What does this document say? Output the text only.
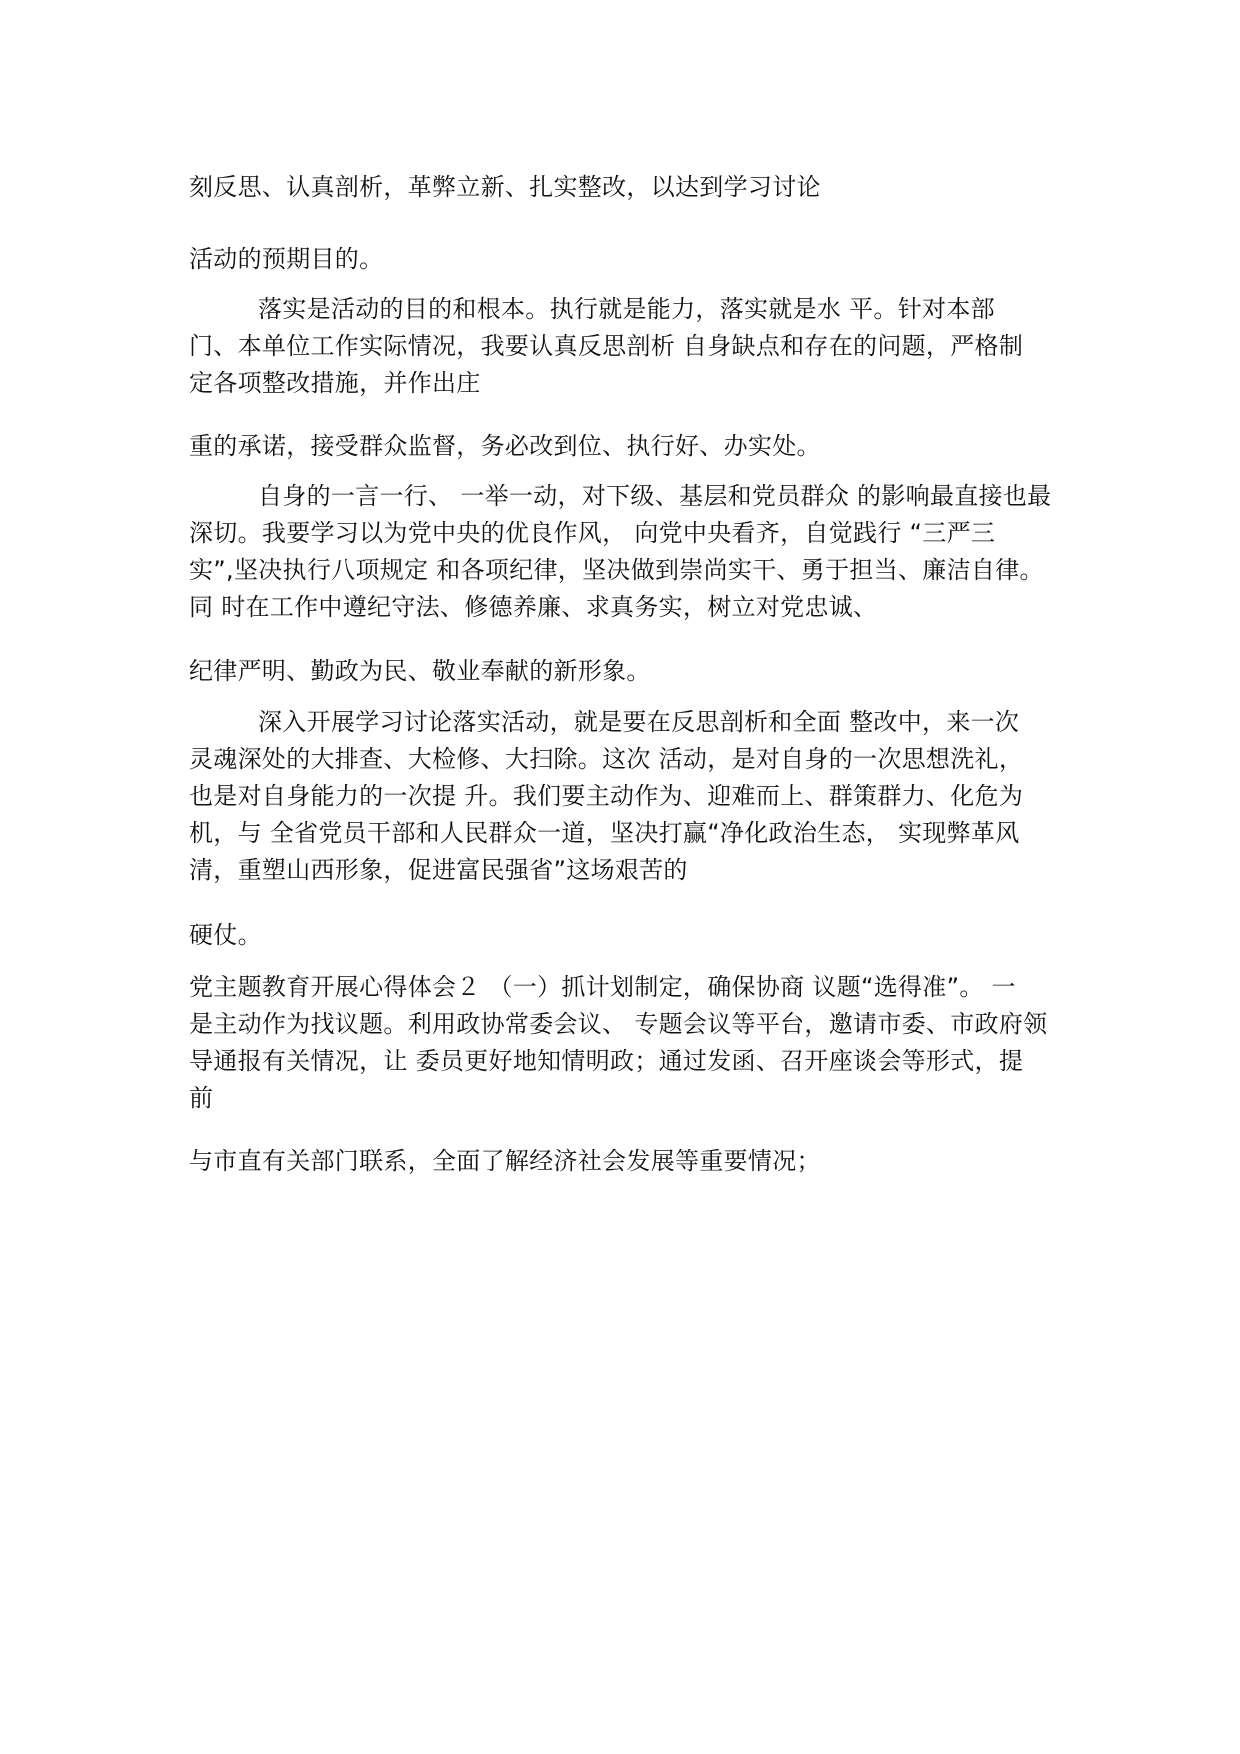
刻反思、认真剖析，革弊立新、扎实整改，以达到学习讨论
活动的预期目的。
落实是活动的目的和根本。执行就是能力，落实就是水 平。针对本部
门、本单位工作实际情况，我要认真反思剖析 自身缺点和存在的问题，严格制
定各项整改措施，并作出庄
重的承诺，接受群众监督，务必改到位、执行好、办实处。
自身的一言一行、 一举一动，对下级、基层和党员群众 的影响最直接也最
深切。我要学习以为党中央的优良作风， 向党中央看齐，自觉践行 “三严三
实”,坚决执行八项规定 和各项纪律，坚决做到崇尚实干、勇于担当、廉洁自律。
同 时在工作中遵纪守法、修德养廉、求真务实，树立对党忠诚、
纪律严明、勤政为民、敬业奉献的新形象。
深入开展学习讨论落实活动，就是要在反思剖析和全面 整改中，来一次
灵魂深处的大排查、大检修、大扫除。这次 活动，是对自身的一次思想洗礼，
也是对自身能力的一次提 升。我们要主动作为、迎难而上、群策群力、化危为
机，与 全省党员干部和人民群众一道，坚决打赢“净化政治生态， 实现弊革风
清，重塑山西形象，促进富民强省”这场艰苦的
硬仗。
党主题教育开展心得体会２ （一）抓计划制定，确保协商 议题“选得准”。 一
是主动作为找议题。利用政协常委会议、 专题会议等平台，邀请市委、市政府领
导通报有关情况，让 委员更好地知情明政；通过发函、召开座谈会等形式，提
前
与市直有关部门联系，全面了解经济社会发展等重要情况；
